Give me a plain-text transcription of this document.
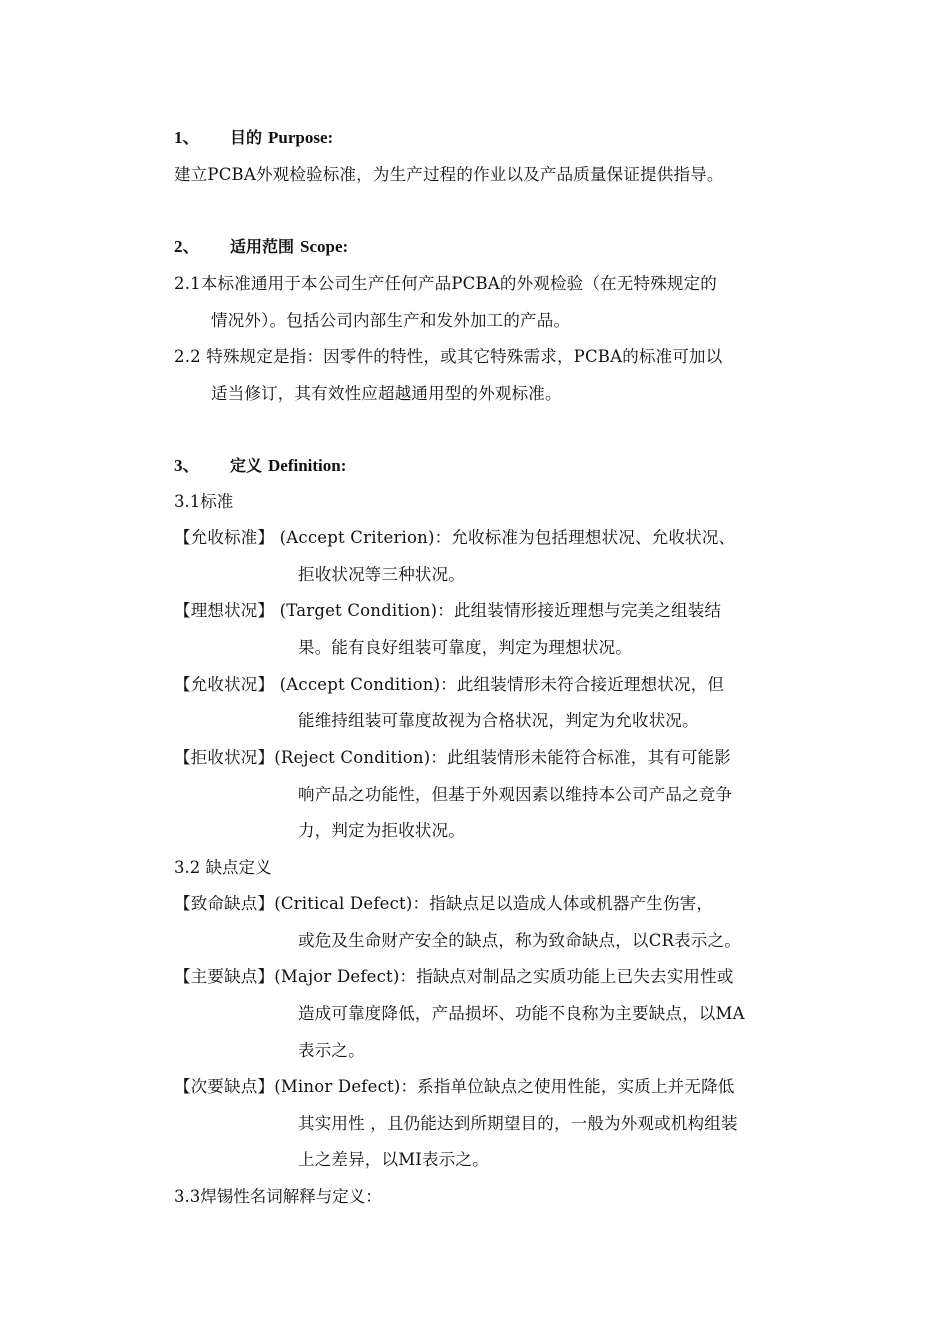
1、 目的 Purpose:
建立PCBA外观检验标准，为生产过程的作业以及产品质量保证提供指导。
2、 适用范围 Scope:
2.1本标准通用于本公司生产任何产品PCBA的外观检验（在无特殊规定的
情况外）。包括公司内部生产和发外加工的产品。
2.2 特殊规定是指：因零件的特性，或其它特殊需求，PCBA的标准可加以
适当修订，其有效性应超越通用型的外观标准。
3、 定义 Definition:
3.1标准
【允收标准】 (Accept Criterion)：允收标准为包括理想状况、允收状况、
拒收状况等三种状况。
【理想状况】 (Target Condition)：此组装情形接近理想与完美之组装结
果。能有良好组装可靠度，判定为理想状况。
【允收状况】 (Accept Condition)：此组装情形未符合接近理想状况，但
能维持组装可靠度故视为合格状况，判定为允收状况。
【拒收状况】(Reject Condition)：此组装情形未能符合标准，其有可能影
响产品之功能性，但基于外观因素以维持本公司产品之竞争
力，判定为拒收状况。
3.2 缺点定义
【致命缺点】(Critical Defect)：指缺点足以造成人体或机器产生伤害，
或危及生命财产安全的缺点，称为致命缺点，以CR表示之。
【主要缺点】(Major Defect)：指缺点对制品之实质功能上已失去实用性或
造成可靠度降低，产品损坏、功能不良称为主要缺点，以MA
表示之。
【次要缺点】(Minor Defect)：系指单位缺点之使用性能，实质上并无降低
其实用性 ，且仍能达到所期望目的，一般为外观或机构组装
上之差异，以MI表示之。
3.3焊锡性名词解释与定义：
